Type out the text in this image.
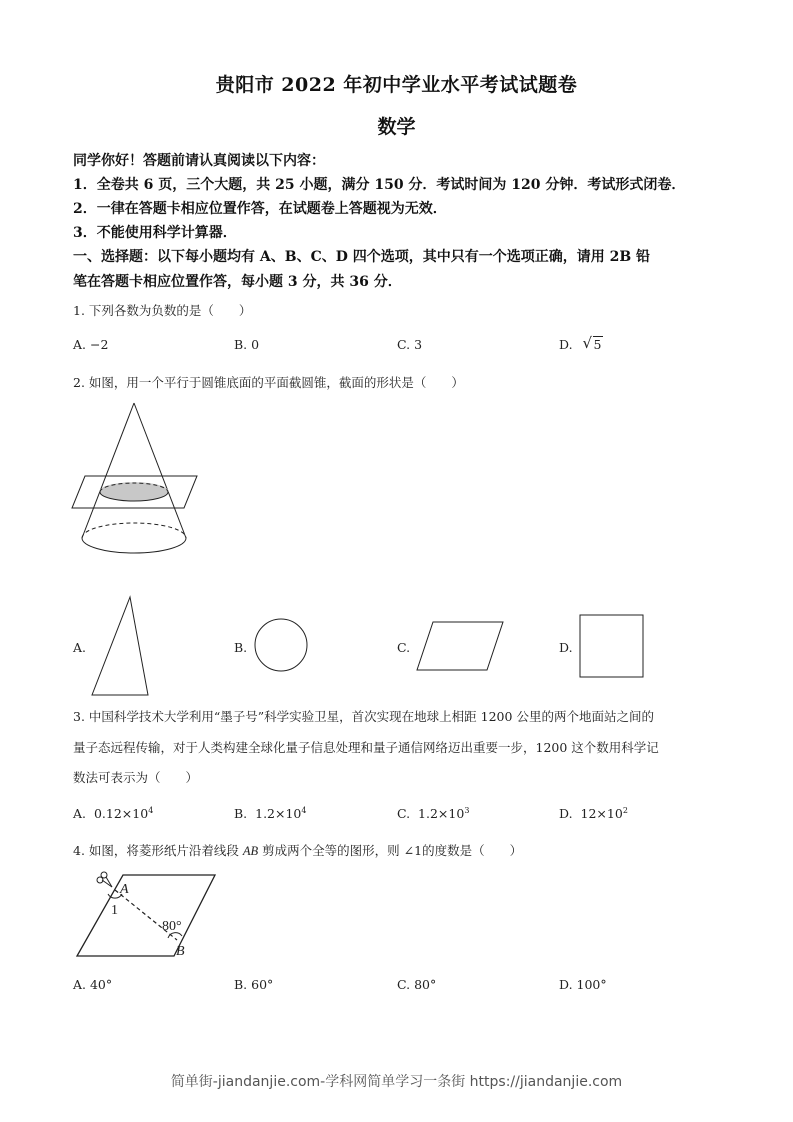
贵阳市 2022 年初中学业水平考试试题卷
数学
同学你好！答题前请认真阅读以下内容：
1．全卷共 6 页，三个大题，共 25 小题，满分 150 分．考试时间为 120 分钟．考试形式闭卷．
2．一律在答题卡相应位置作答，在试题卷上答题视为无效．
3．不能使用科学计算器．
一、选择题：以下每小题均有 A、B、C、D 四个选项，其中只有一个选项正确，请用 2B 铅
笔在答题卡相应位置作答，每小题 3 分，共 36 分．
1. 下列各数为负数的是（　　）
A. −2	B. 0	C. 3	D. √ 5
2. 如图，用一个平行于圆锥底面的平面截圆锥，截面的形状是（　　）
A.	B.	C.	D.
3. 中国科学技术大学利用“墨子号”科学实验卫星，首次实现在地球上相距 1200 公里的两个地面站之间的
量子态远程传输，对于人类构建全球化量子信息处理和量子通信网络迈出重要一步，1200 这个数用科学记
数法可表示为（　　）
A. $0.12\times 10^4$	B. $1.2\times 10^4$	C. $1.2\times 10^3$	D. $12\times 10^2$
4. 如图，将菱形纸片沿着线段 AB 剪成两个全等的图形，则 ∠1的度数是（　　）
A
1
80°
B
A. 40°	B. 60°	C. 80°	D. 100°
简单街-jiandanjie.com-学科网简单学习一条街 https://jiandanjie.com
